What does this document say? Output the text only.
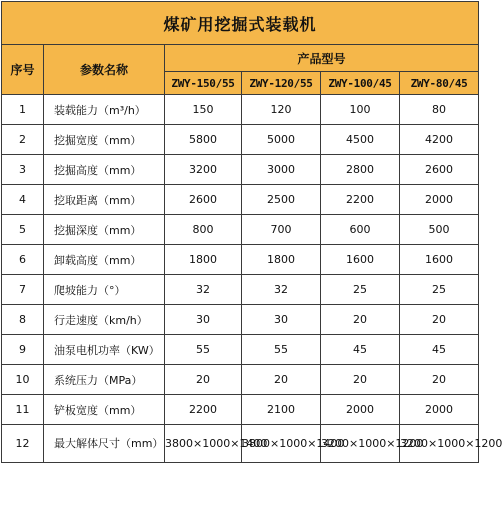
煤矿用挖掘式装载机					
序号	参数名称	产品型号			
		ZWY-150/55	ZWY-120/55	ZWY-100/45	ZWY-80/45
1	装载能力（m³/h）	150	120	100	80
2	挖掘宽度（mm）	5800	5000	4500	4200
3	挖掘高度（mm）	3200	3000	2800	2600
4	挖取距离（mm）	2600	2500	2200	2000
5	挖掘深度（mm）	800	700	600	500
6	卸载高度（mm）	1800	1800	1600	1600
7	爬坡能力（°）	32	32	25	25
8	行走速度（km/h）	30	30	20	20
9	油泵电机功率（KW）	55	55	45	45
10	系统压力（MPa）	20	20	20	20
11	铲板宽度（mm）	2200	2100	2000	2000
12	最大解体尺寸（mm）	3800×1000×1400	3800×1000×1400	3200×1000×1200	3200×1000×1200
